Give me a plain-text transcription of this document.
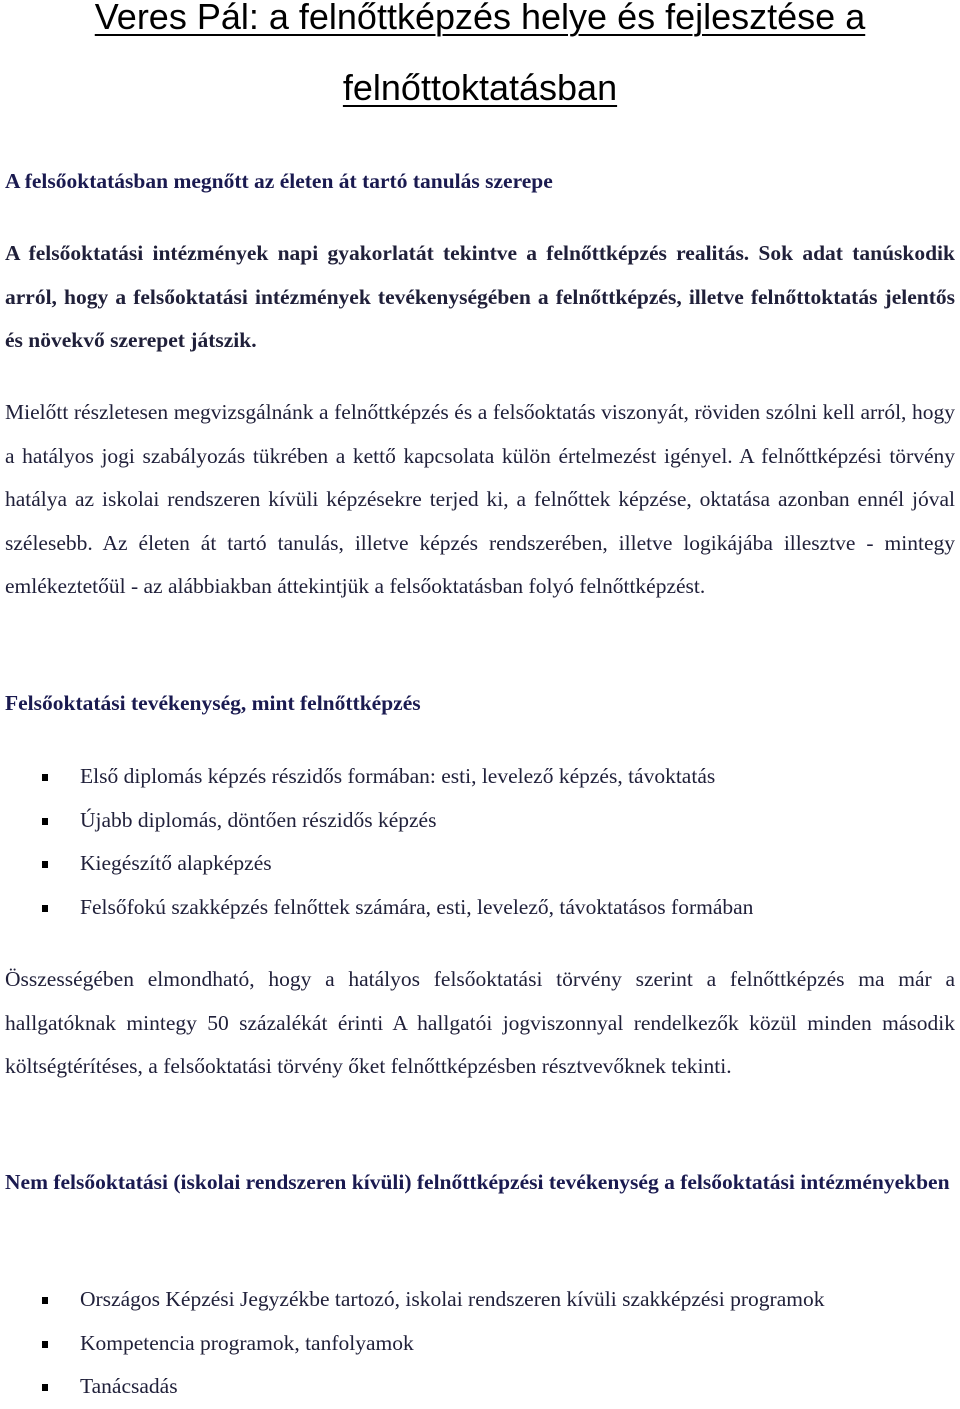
Veres Pál: a felnőttképzés helye és fejlesztése a
felnőttoktatásban

A felsőoktatásban megnőtt az életen át tartó tanulás szerepe

A felsőoktatási intézmények napi gyakorlatát tekintve a felnőttképzés realitás. Sok adat tanúskodik arról, hogy a felsőoktatási intézmények tevékenységében a felnőttképzés, illetve felnőttoktatás jelentős és növekvő szerepet játszik.

Mielőtt részletesen megvizsgálnánk a felnőttképzés és a felsőoktatás viszonyát, röviden szólni kell arról, hogy a hatályos jogi szabályozás tükrében a kettő kapcsolata külön értelmezést igényel. A felnőttképzési törvény hatálya az iskolai rendszeren kívüli képzésekre terjed ki, a felnőttek képzése, oktatása azonban ennél jóval szélesebb. Az életen át tartó tanulás, illetve képzés rendszerében, illetve logikájába illesztve - mintegy emlékeztetőül - az alábbiakban áttekintjük a felsőoktatásban folyó felnőttképzést.

Felsőoktatási tevékenység, mint felnőttképzés

Első diplomás képzés részidős formában: esti, levelező képzés, távoktatás
Újabb diplomás, döntően részidős képzés
Kiegészítő alapképzés
Felsőfokú szakképzés felnőttek számára, esti, levelező, távoktatásos formában

Összességében elmondható, hogy a hatályos felsőoktatási törvény szerint a felnőttképzés ma már a hallgatóknak mintegy 50 százalékát érinti A hallgatói jogviszonnyal rendelkezők közül minden második költségtérítéses, a felsőoktatási törvény őket felnőttképzésben résztvevőknek tekinti.

Nem felsőoktatási (iskolai rendszeren kívüli) felnőttképzési tevékenység a felsőoktatási intézményekben

Országos Képzési Jegyzékbe tartozó, iskolai rendszeren kívüli szakképzési programok
Kompetencia programok, tanfolyamok
Tanácsadás
